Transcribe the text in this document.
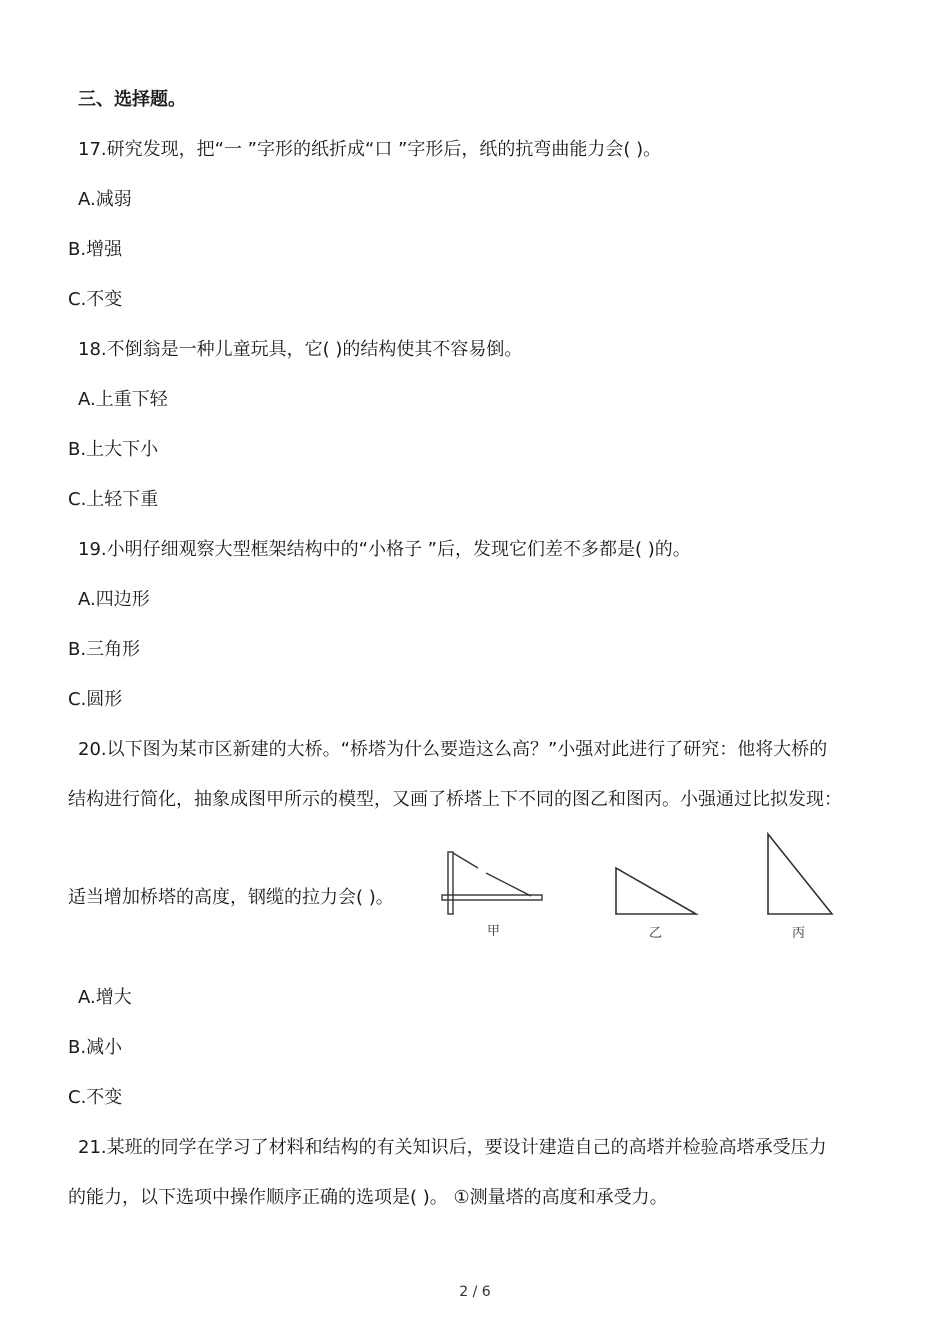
三、选择题。
17.研究发现，把“一 ”字形的纸折成“口 ”字形后，纸的抗弯曲能力会( )。
A.减弱
B.增强
C.不变
18.不倒翁是一种儿童玩具，它( )的结构使其不容易倒。
A.上重下轻
B.上大下小
C.上轻下重
19.小明仔细观察大型框架结构中的“小格子 ”后，发现它们差不多都是( )的。
A.四边形
B.三角形
C.圆形
20.以下图为某市区新建的大桥。“桥塔为什么要造这么高？”小强对此进行了研究：他将大桥的
结构进行简化，抽象成图甲所示的模型，又画了桥塔上下不同的图乙和图丙。小强通过比拟发现：
适当增加桥塔的高度，钢缆的拉力会( )。
甲	乙	丙
A.增大
B.减小
C.不变
21.某班的同学在学习了材料和结构的有关知识后，要设计建造自己的高塔并检验高塔承受压力
的能力，以下选项中操作顺序正确的选项是( )。 ①测量塔的高度和承受力。
2 / 6
